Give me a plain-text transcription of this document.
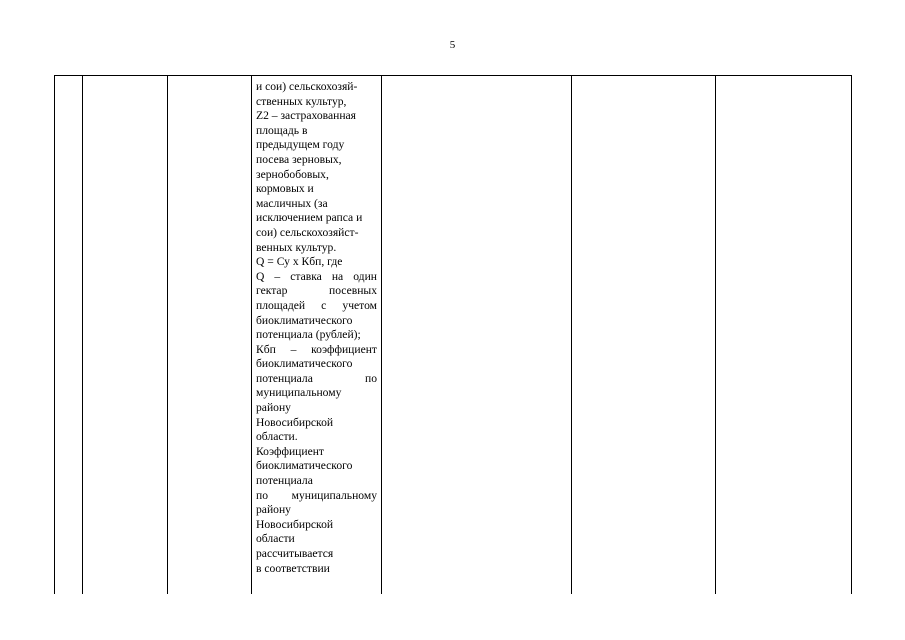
5
и сои) сельскохозяй-
ственных культур,
Z2 – застрахованная
площадь в
предыдущем году
посева зерновых,
зернобобовых,
кормовых и
масличных (за
исключением рапса и
сои) сельскохозяйст-
венных культур.
Q = Су х Кбп, где
Q – ставка на один
гектар посевных
площадей с учетом
биоклиматического
потенциала (рублей);
Кбп – коэффициент
биоклиматического
потенциала по
муниципальному
району
Новосибирской
области.
Коэффициент
биоклиматического
потенциала
по муниципальному
району
Новосибирской
области
рассчитывается
в соответствии
